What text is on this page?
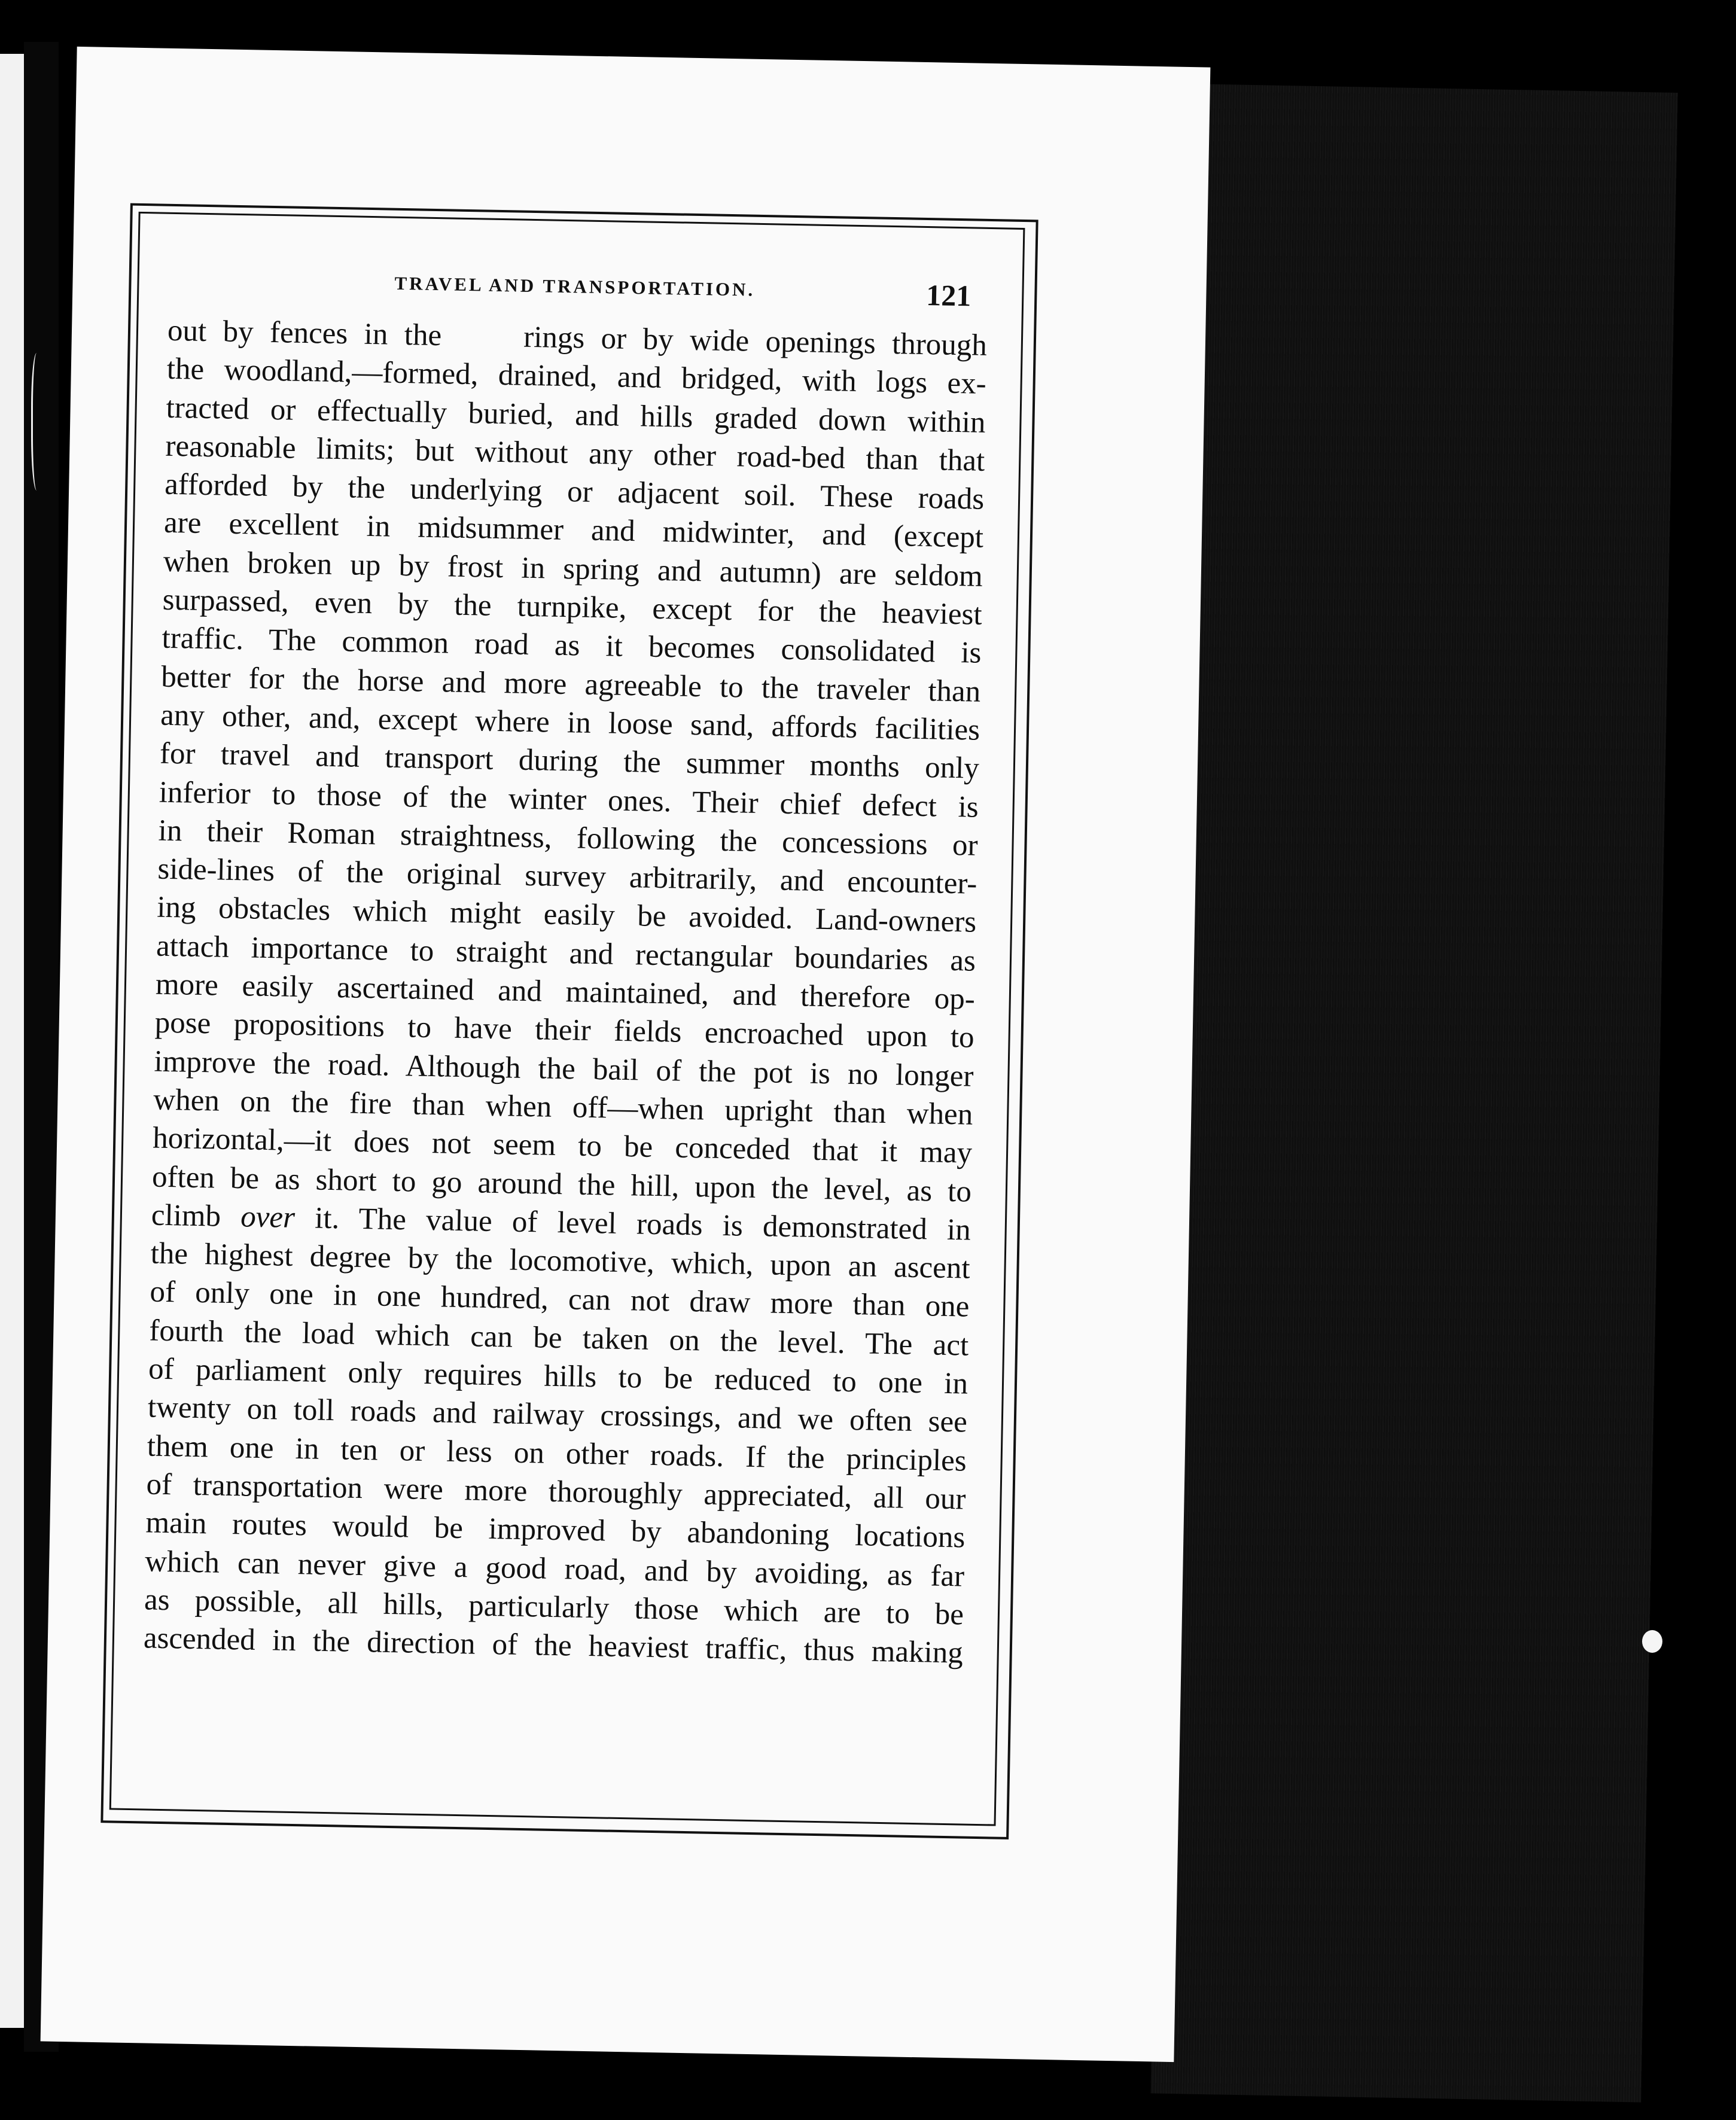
TRAVEL AND TRANSPORTATION.	121
out by fences in the     rings or by wide openings through
the woodland,—formed, drained, and bridged, with logs ex-
tracted or effectually buried, and hills graded down within
reasonable limits; but without any other road-bed than that
afforded by the underlying or adjacent soil. These roads
are excellent in midsummer and midwinter, and (except
when broken up by frost in spring and autumn) are seldom
surpassed, even by the turnpike, except for the heaviest
traffic. The common road as it becomes consolidated is
better for the horse and more agreeable to the traveler than
any other, and, except where in loose sand, affords facilities
for travel and transport during the summer months only
inferior to those of the winter ones. Their chief defect is
in their Roman straightness, following the concessions or
side-lines of the original survey arbitrarily, and encounter-
ing obstacles which might easily be avoided. Land-owners
attach importance to straight and rectangular boundaries as
more easily ascertained and maintained, and therefore op-
pose propositions to have their fields encroached upon to
improve the road. Although the bail of the pot is no longer
when on the fire than when off—when upright than when
horizontal,—it does not seem to be conceded that it may
often be as short to go around the hill, upon the level, as to
climb over it. The value of level roads is demonstrated in
the highest degree by the locomotive, which, upon an ascent
of only one in one hundred, can not draw more than one
fourth the load which can be taken on the level. The act
of parliament only requires hills to be reduced to one in
twenty on toll roads and railway crossings, and we often see
them one in ten or less on other roads. If the principles
of transportation were more thoroughly appreciated, all our
main routes would be improved by abandoning locations
which can never give a good road, and by avoiding, as far
as possible, all hills, particularly those which are to be
ascended in the direction of the heaviest traffic, thus making
